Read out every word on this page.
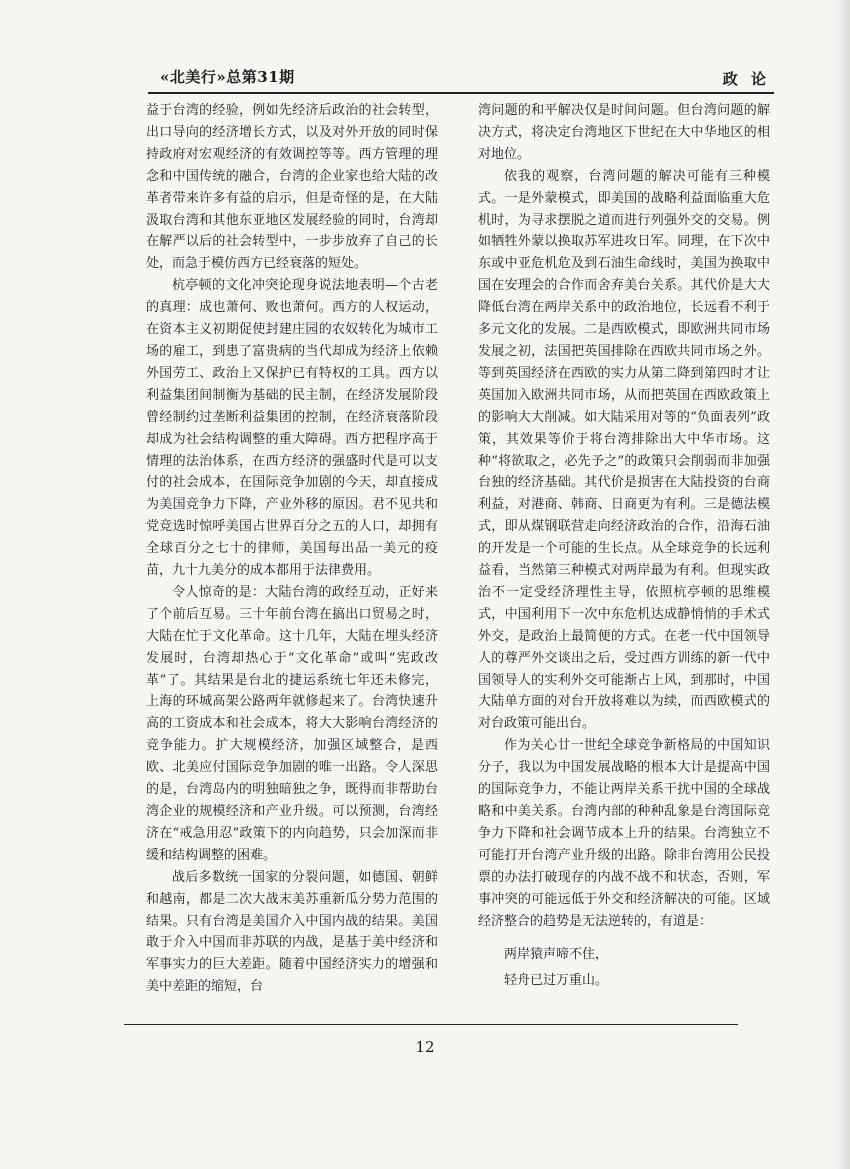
«北美行»总第31期	政 论

益于台湾的经验，例如先经济后政治的社会转型，出口导向的经济增长方式，以及对外开放的同时保持政府对宏观经济的有效调控等等。西方管理的理念和中国传统的融合，台湾的企业家也给大陆的改革者带来许多有益的启示，但是奇怪的是，在大陆汲取台湾和其他东亚地区发展经验的同时，台湾却在解严以后的社会转型中，一步步放弃了自己的长处，而急于模仿西方已经衰落的短处。

杭亭顿的文化冲突论现身说法地表明—个古老的真理：成也萧何、败也萧何。西方的人权运动，在资本主义初期促使封建庄园的农奴转化为城市工场的雇工，到患了富贵病的当代却成为经济上依赖外国劳工、政治上又保护已有特权的工具。西方以利益集团间制衡为基础的民主制，在经济发展阶段曾经制约过垄断利益集团的控制，在经济衰落阶段却成为社会结构调整的重大障碍。西方把程序高于情理的法治体系，在西方经济的强盛时代是可以支付的社会成本，在国际竞争加剧的今天，却直接成为美国竞争力下降，产业外移的原因。君不见共和党竞选时惊呼美国占世界百分之五的人口，却拥有全球百分之七十的律师，美国每出品一美元的疫苗，九十九美分的成本都用于法律费用。

令人惊奇的是：大陆台湾的政经互动，正好来了个前后互易。三十年前台湾在搞出口贸易之时，大陆在忙于文化革命。这十几年，大陆在埋头经济发展时，台湾却热心于“文化革命”或叫“宪政改革”了。其结果是台北的捷运系统七年还未修完，上海的环城高架公路两年就修起来了。台湾快速升高的工资成本和社会成本，将大大影响台湾经济的竞争能力。扩大规模经济，加强区域整合，是西欧、北美应付国际竞争加剧的唯一出路。令人深思的是，台湾岛内的明独暗独之争，既得而非帮助台湾企业的规模经济和产业升级。可以预测，台湾经济在“戒急用忍”政策下的内向趋势，只会加深而非缓和结构调整的困难。

战后多数统一国家的分裂问题，如德国、朝鲜和越南，都是二次大战末美苏重新瓜分势力范围的结果。只有台湾是美国介入中国内战的结果。美国敢于介入中国而非苏联的内战，是基于美中经济和军事实力的巨大差距。随着中国经济实力的增强和美中差距的缩短，台

湾问题的和平解决仅是时间问题。但台湾问题的解决方式，将决定台湾地区下世纪在大中华地区的相对地位。

依我的观察，台湾问题的解决可能有三种模式。一是外蒙模式，即美国的战略利益面临重大危机时，为寻求摆脱之道而进行列强外交的交易。例如牺牲外蒙以换取苏军进攻日军。同理，在下次中东或中亚危机危及到石油生命线时，美国为换取中国在安理会的合作而舍弃美台关系。其代价是大大降低台湾在两岸关系中的政治地位，长远看不利于多元文化的发展。二是西欧模式，即欧洲共同市场发展之初，法国把英国排除在西欧共同市场之外。等到英国经济在西欧的实力从第二降到第四时才让英国加入欧洲共同市场，从而把英国在西欧政策上的影响大大削减。如大陆采用对等的“负面表列”政策，其效果等价于将台湾排除出大中华市场。这种“将欲取之，必先予之”的政策只会削弱而非加强台独的经济基础。其代价是损害在大陆投资的台商利益，对港商、韩商、日商更为有利。三是德法模式，即从煤钢联营走向经济政治的合作，沿海石油的开发是一个可能的生长点。从全球竞争的长远利益看，当然第三种模式对两岸最为有利。但现实政治不一定受经济理性主导，依照杭亭顿的思维模式，中国利用下一次中东危机达成静悄悄的手术式外交，是政治上最简便的方式。在老一代中国领导人的尊严外交谈出之后，受过西方训练的新一代中国领导人的实利外交可能渐占上风，到那时，中国大陆单方面的对台开放将难以为续，而西欧模式的对台政策可能出台。

作为关心廿一世纪全球竞争新格局的中国知识分子，我以为中国发展战略的根本大计是提高中国的国际竞争力，不能让两岸关系干扰中国的全球战略和中美关系。台湾内部的种种乱象是台湾国际竞争力下降和社会调节成本上升的结果。台湾独立不可能打开台湾产业升级的出路。除非台湾用公民投票的办法打破现存的内战不战不和状态，否则，军事冲突的可能远低于外交和经济解决的可能。区域经济整合的趋势是无法逆转的，有道是：

两岸猿声啼不住，
轻舟已过万重山。
12
